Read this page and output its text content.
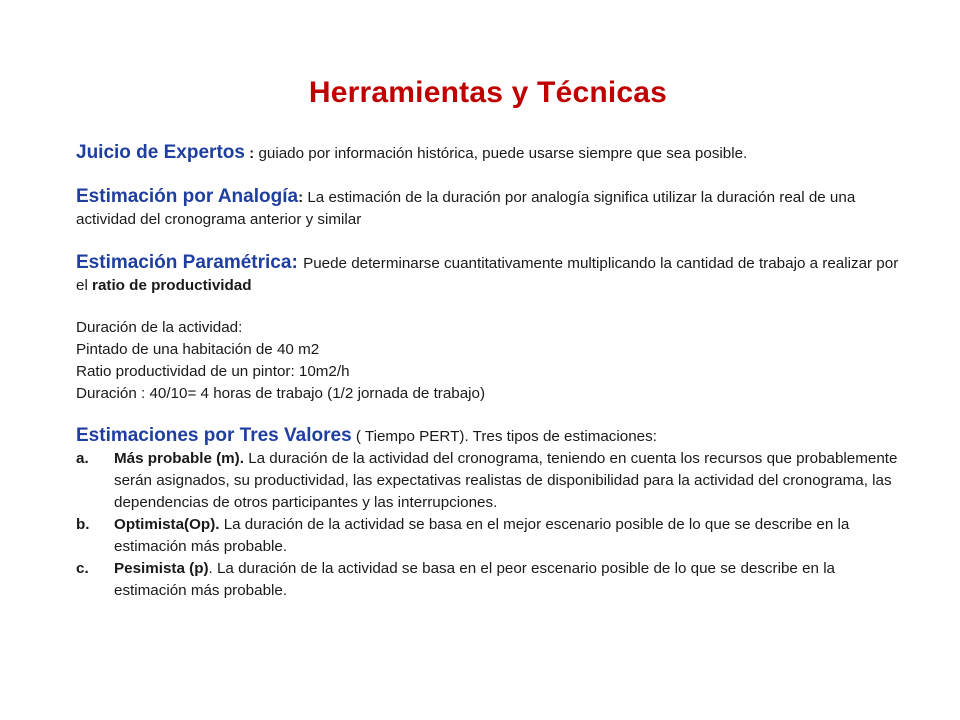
Herramientas y Técnicas

Juicio de Expertos : guiado por información histórica, puede usarse siempre que sea posible.

Estimación por Analogía: La estimación de la duración por analogía significa utilizar la duración real de una actividad del cronograma anterior y similar

Estimación Paramétrica: Puede determinarse cuantitativamente multiplicando la cantidad de trabajo a realizar por el ratio de productividad

Duración de la actividad:
Pintado de una habitación de 40 m2
Ratio productividad de un pintor: 10m2/h
Duración : 40/10= 4 horas de trabajo (1/2 jornada de trabajo)

Estimaciones por Tres Valores ( Tiempo PERT). Tres tipos de estimaciones:

a. Más probable (m). La duración de la actividad del cronograma, teniendo en cuenta los recursos que probablemente serán asignados, su productividad, las expectativas realistas de disponibilidad para la actividad del cronograma, las dependencias de otros participantes y las interrupciones.
b. Optimista(Op). La duración de la actividad se basa en el mejor escenario posible de lo que se describe en la estimación más probable.
c. Pesimista (p). La duración de la actividad se basa en el peor escenario posible de lo que se describe en la estimación más probable.
